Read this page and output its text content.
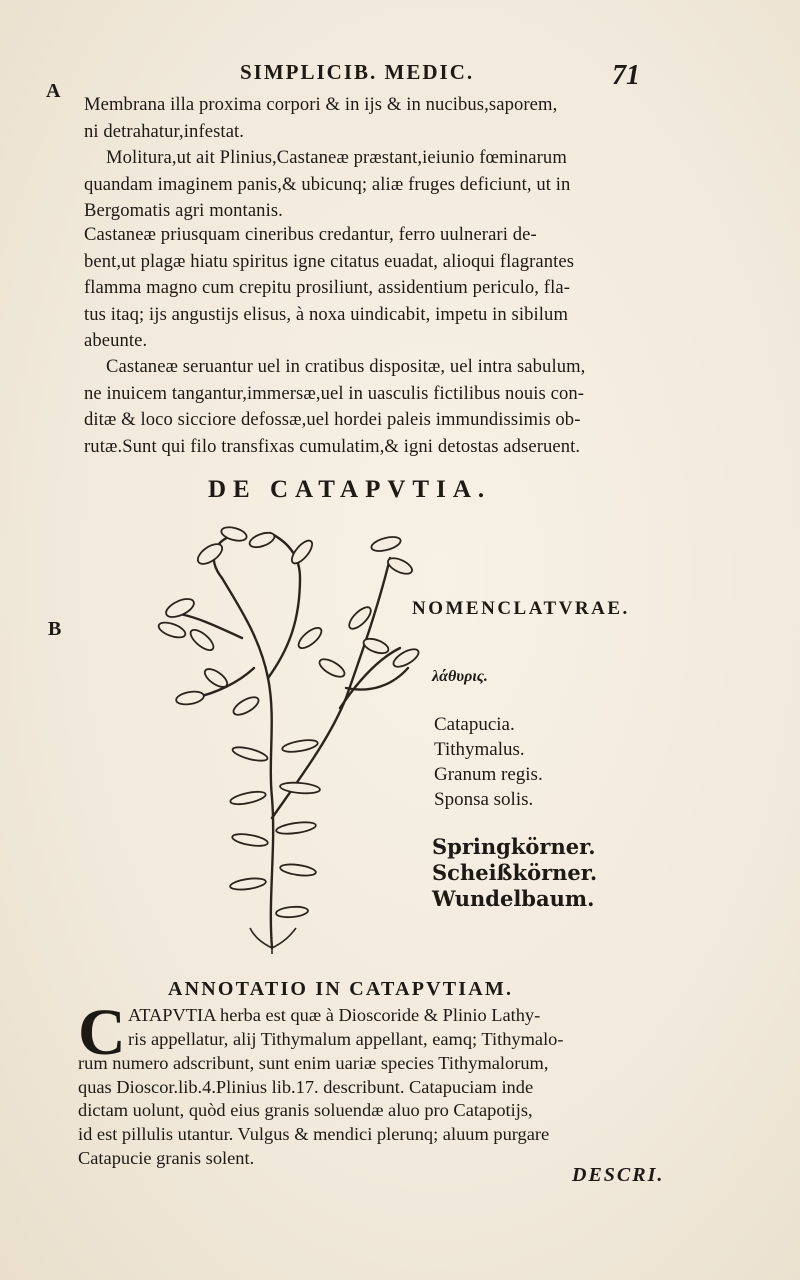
SIMPLICIB. MEDIC.	71
A
B
Membrana illa proxima corpori & in ijs & in nucibus,saporem,
ni detrahatur,infestat.
Molitura,ut ait Plinius,Castaneæ præstant,ieiunio fœminarum
quandam imaginem panis,& ubicunq; aliæ fruges deficiunt, ut in
Bergomatis agri montanis.
Castaneæ priusquam cineribus credantur, ferro uulnerari de-
bent,ut plagæ hiatu spiritus igne citatus euadat, alioqui flagrantes
flamma magno cum crepitu prosiliunt, assidentium periculo, fla-
tus itaq; ijs angustijs elisus, à noxa uindicabit, impetu in sibilum
abeunte.
Castaneæ seruantur uel in cratibus dispositæ, uel intra sabulum,
ne inuicem tangantur,immersæ,uel in uasculis fictilibus nouis con-
ditæ & loco sicciore defossæ,uel hordei paleis immundissimis ob-
rutæ.Sunt qui filo transfixas cumulatim,& igni detostas adseruent.
DE CATAPVTIA.
NOMENCLATVRAE.
λάθυρις.
Catapucia.
Tithymalus.
Granum regis.
Sponsa solis.
Springkörner.
Scheißkörner.
Wundelbaum.
ANNOTATIO IN CATAPVTIAM.
C ATAPVTIA herba est quæ à Dioscoride & Plinio Lathy-
ris appellatur, alij Tithymalum appellant, eamq; Tithymalo-
rum numero adscribunt, sunt enim uariæ species Tithymalorum,
quas Dioscor.lib.4.Plinius lib.17. describunt. Catapuciam inde
dictam uolunt, quòd eius granis soluendæ aluo pro Catapotijs,
id est pillulis utantur. Vulgus & mendici plerunq; aluum purgare
Catapucie granis solent.
DESCRI.
